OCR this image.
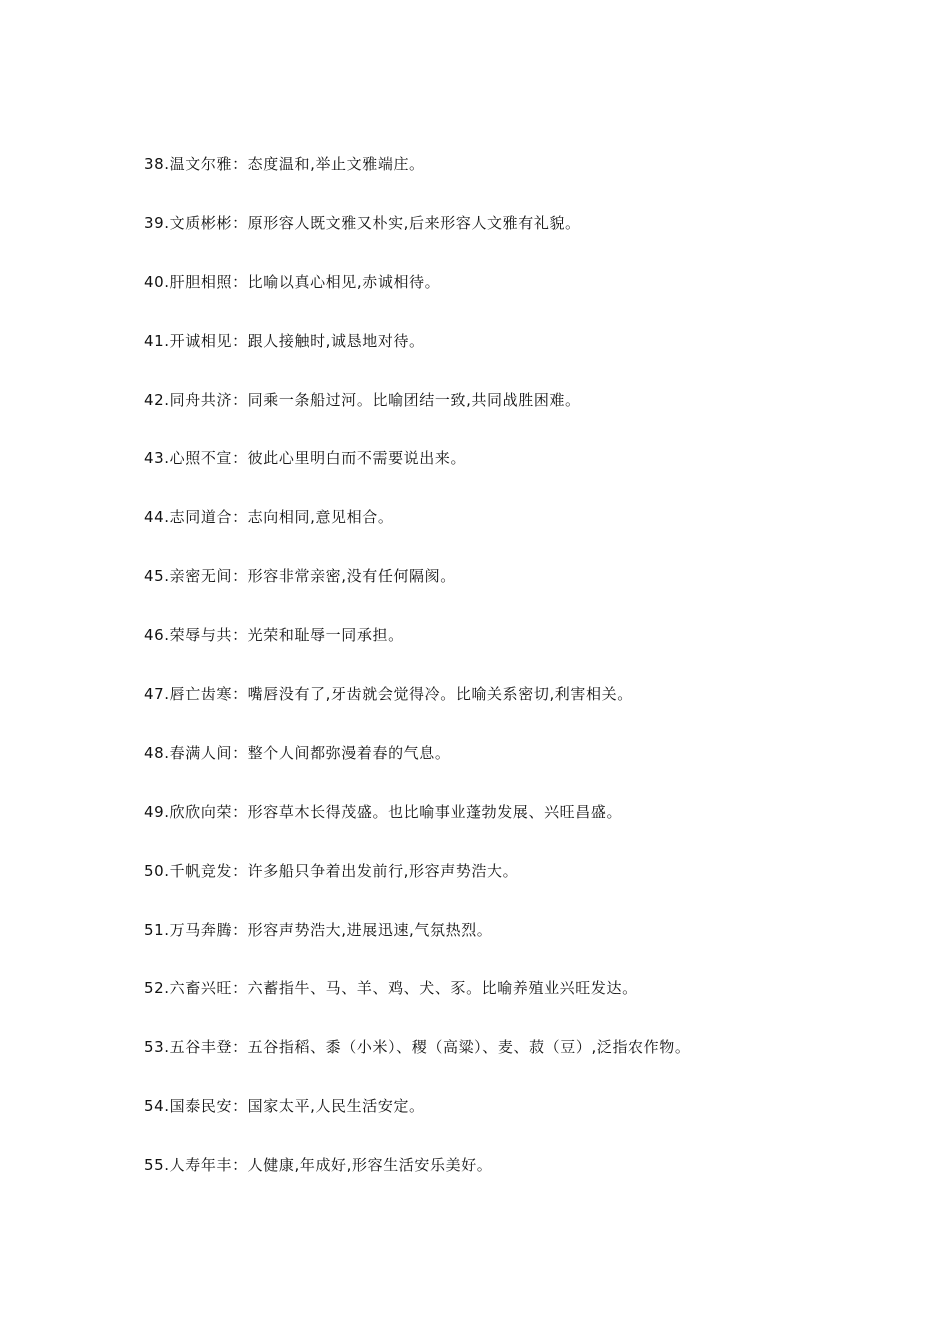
38.温文尔雅：态度温和,举止文雅端庄。
39.文质彬彬：原形容人既文雅又朴实,后来形容人文雅有礼貌。
40.肝胆相照：比喻以真心相见,赤诚相待。
41.开诚相见：跟人接触时,诚恳地对待。
42.同舟共济：同乘一条船过河。比喻团结一致,共同战胜困难。
43.心照不宣：彼此心里明白而不需要说出来。
44.志同道合：志向相同,意见相合。
45.亲密无间：形容非常亲密,没有任何隔阂。
46.荣辱与共：光荣和耻辱一同承担。
47.唇亡齿寒：嘴唇没有了,牙齿就会觉得冷。比喻关系密切,利害相关。
48.春满人间：整个人间都弥漫着春的气息。
49.欣欣向荣：形容草木长得茂盛。也比喻事业蓬勃发展、兴旺昌盛。
50.千帆竞发：许多船只争着出发前行,形容声势浩大。
51.万马奔腾：形容声势浩大,进展迅速,气氛热烈。
52.六畜兴旺：六蓄指牛、马、羊、鸡、犬、豕。比喻养殖业兴旺发达。
53.五谷丰登：五谷指稻、黍（小米）、稷（高粱）、麦、菽（豆）,泛指农作物。
54.国泰民安：国家太平,人民生活安定。
55.人寿年丰：人健康,年成好,形容生活安乐美好。
